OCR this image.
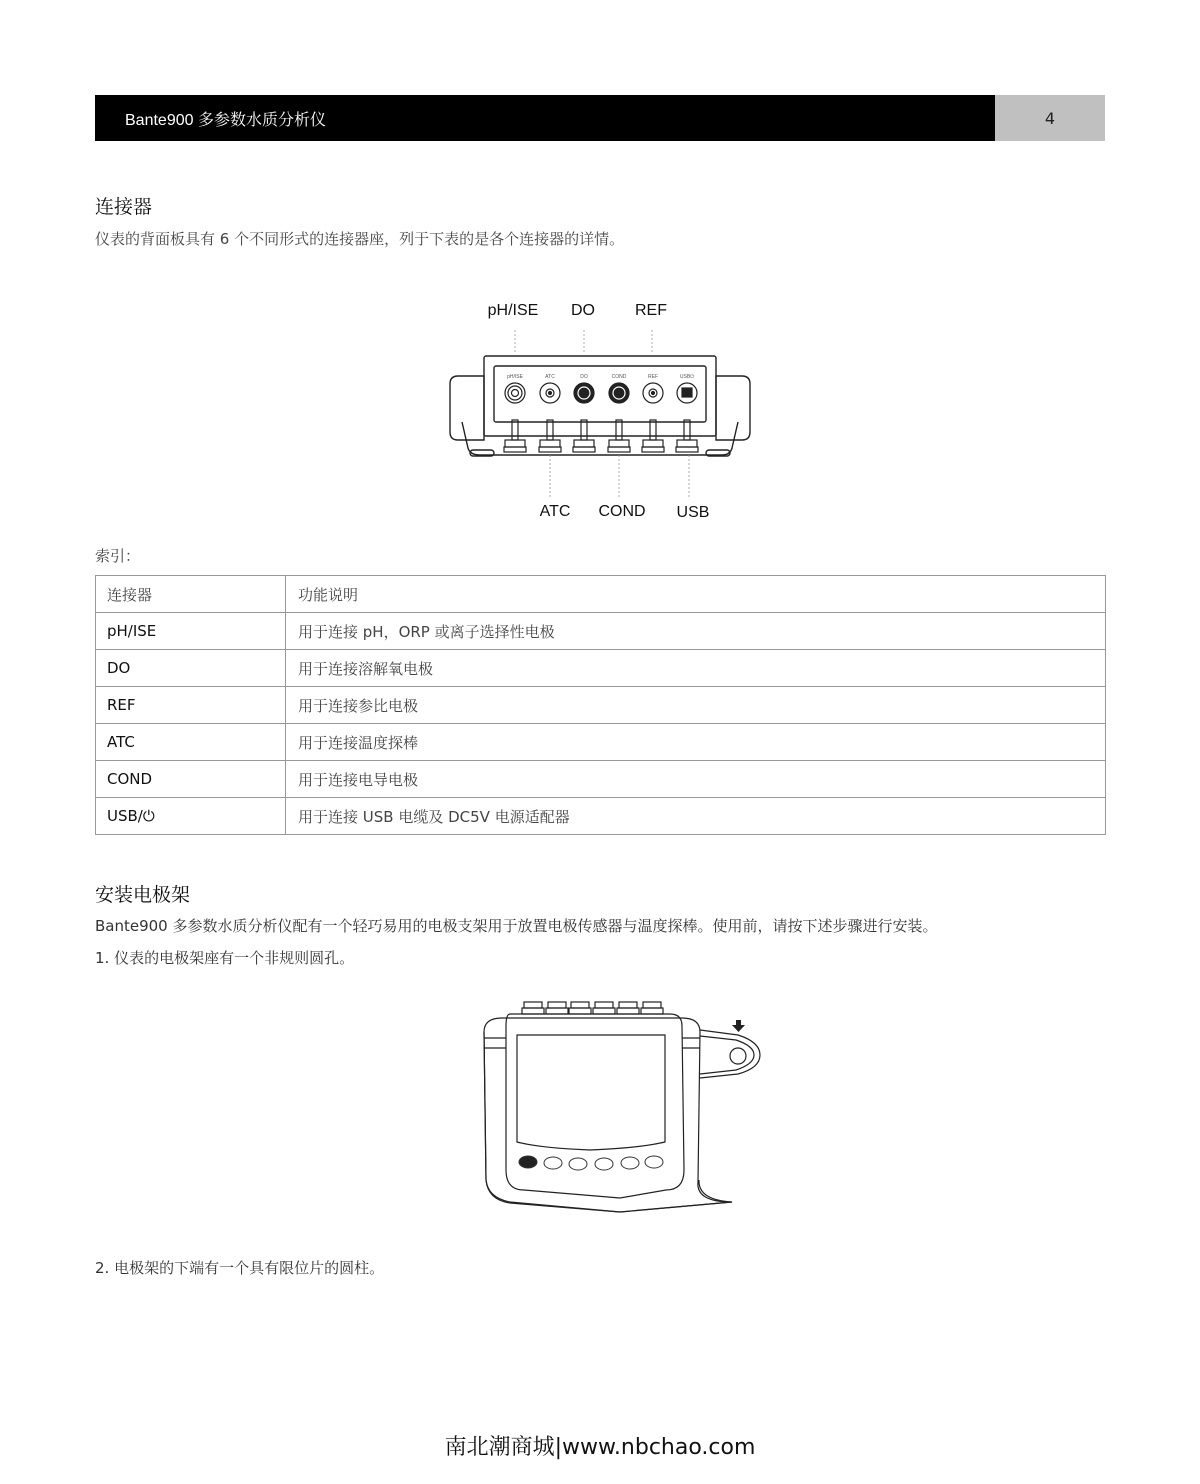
Bante900 多参数水质分析仪	4
连接器
仪表的背面板具有 6 个不同形式的连接器座，列于下表的是各个连接器的详情。
pH/ISE	ATC	DO	COND	REF	USB⏻
pH/ISE DO	REF
ATC COND USB
索引：
连接器	功能说明
pH/ISE	用于连接 pH，ORP 或离子选择性电极
DO	用于连接溶解氧电极
REF	用于连接参比电极
ATC	用于连接温度探棒
COND	用于连接电导电极
USB/⏻	用于连接 USB 电缆及 DC5V 电源适配器
安装电极架
Bante900 多参数水质分析仪配有一个轻巧易用的电极支架用于放置电极传感器与温度探棒。使用前，请按下述步骤进行安装。
1. 仪表的电极架座有一个非规则圆孔。
2. 电极架的下端有一个具有限位片的圆柱。
南北潮商城|www.nbchao.com
